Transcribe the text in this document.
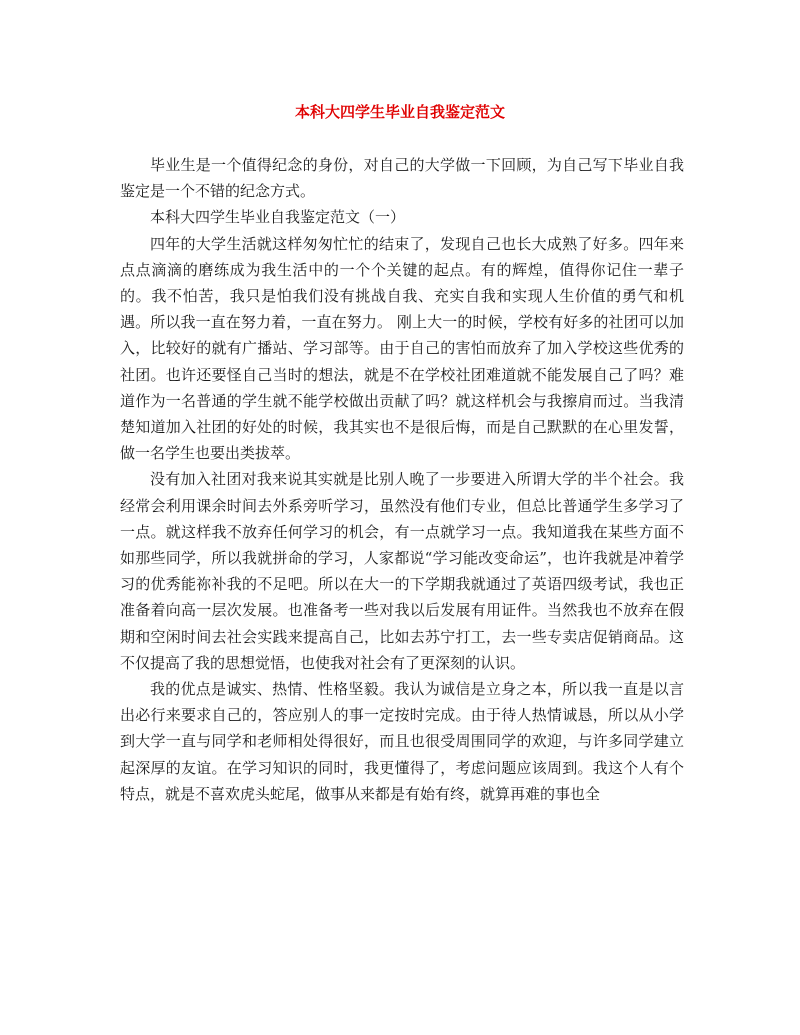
本科大四学生毕业自我鉴定范文

毕业生是一个值得纪念的身份，对自己的大学做一下回顾，为自己写下毕业自我鉴定是一个不错的纪念方式。

本科大四学生毕业自我鉴定范文（一）

四年的大学生活就这样匆匆忙忙的结束了，发现自己也长大成熟了好多。四年来点点滴滴的磨练成为我生活中的一个个关键的起点。有的辉煌，值得你记住一辈子的。我不怕苦，我只是怕我们没有挑战自我、充实自我和实现人生价值的勇气和机遇。所以我一直在努力着，一直在努力。 刚上大一的时候，学校有好多的社团可以加入，比较好的就有广播站、学习部等。由于自己的害怕而放弃了加入学校这些优秀的社团。也许还要怪自己当时的想法，就是不在学校社团难道就不能发展自己了吗？难道作为一名普通的学生就不能学校做出贡献了吗？就这样机会与我擦肩而过。当我清楚知道加入社团的好处的时候，我其实也不是很后悔，而是自己默默的在心里发誓，做一名学生也要出类拔萃。

没有加入社团对我来说其实就是比别人晚了一步要进入所谓大学的半个社会。我经常会利用课余时间去外系旁听学习，虽然没有他们专业，但总比普通学生多学习了一点。就这样我不放弃任何学习的机会，有一点就学习一点。我知道我在某些方面不如那些同学，所以我就拼命的学习，人家都说“学习能改变命运”，也许我就是冲着学习的优秀能祢补我的不足吧。所以在大一的下学期我就通过了英语四级考试，我也正准备着向高一层次发展。也准备考一些对我以后发展有用证件。当然我也不放弃在假期和空闲时间去社会实践来提高自己，比如去苏宁打工，去一些专卖店促销商品。这不仅提高了我的思想觉悟，也使我对社会有了更深刻的认识。

我的优点是诚实、热情、性格坚毅。我认为诚信是立身之本，所以我一直是以言出必行来要求自己的，答应别人的事一定按时完成。由于待人热情诚恳，所以从小学到大学一直与同学和老师相处得很好，而且也很受周围同学的欢迎，与许多同学建立起深厚的友谊。在学习知识的同时，我更懂得了，考虑问题应该周到。我这个人有个特点，就是不喜欢虎头蛇尾，做事从来都是有始有终，就算再难的事也全
